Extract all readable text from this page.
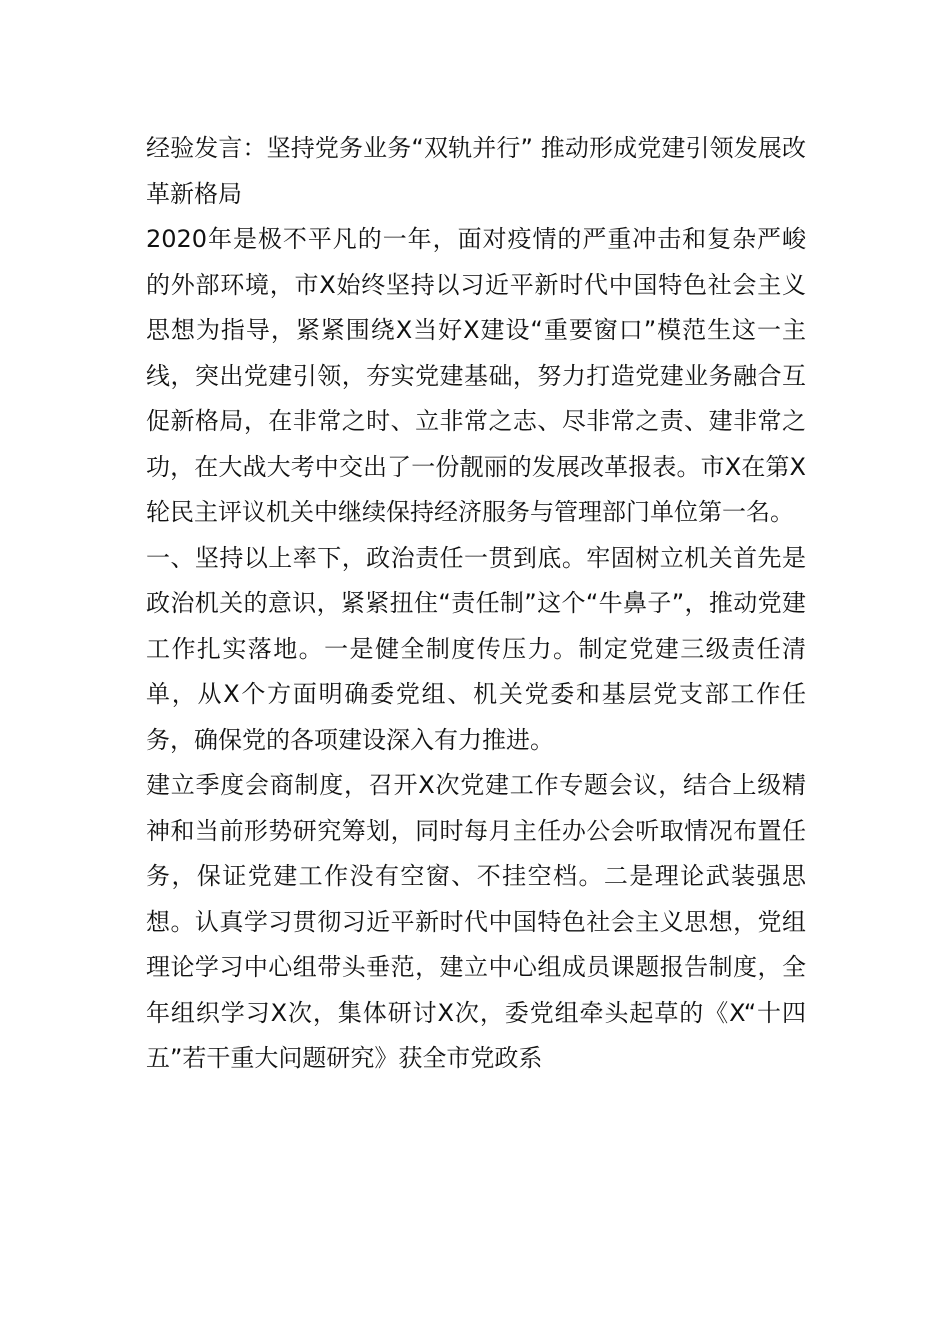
经验发言：坚持党务业务“双轨并行” 推动形成党建引领发展改革新格局

2020年是极不平凡的一年，面对疫情的严重冲击和复杂严峻的外部环境，市X始终坚持以习近平新时代中国特色社会主义思想为指导，紧紧围绕X当好X建设“重要窗口”模范生这一主线，突出党建引领，夯实党建基础，努力打造党建业务融合互促新格局，在非常之时、立非常之志、尽非常之责、建非常之功，在大战大考中交出了一份靓丽的发展改革报表。市X在第X轮民主评议机关中继续保持经济服务与管理部门单位第一名。

一、坚持以上率下，政治责任一贯到底。牢固树立机关首先是政治机关的意识，紧紧扭住“责任制”这个“牛鼻子”，推动党建工作扎实落地。一是健全制度传压力。制定党建三级责任清单，从X个方面明确委党组、机关党委和基层党支部工作任务，确保党的各项建设深入有力推进。

建立季度会商制度，召开X次党建工作专题会议，结合上级精神和当前形势研究筹划，同时每月主任办公会听取情况布置任务，保证党建工作没有空窗、不挂空档。二是理论武装强思想。认真学习贯彻习近平新时代中国特色社会主义思想，党组理论学习中心组带头垂范，建立中心组成员课题报告制度，全年组织学习X次，集体研讨X次，委党组牵头起草的《X“十四五”若干重大问题研究》获全市党政系
